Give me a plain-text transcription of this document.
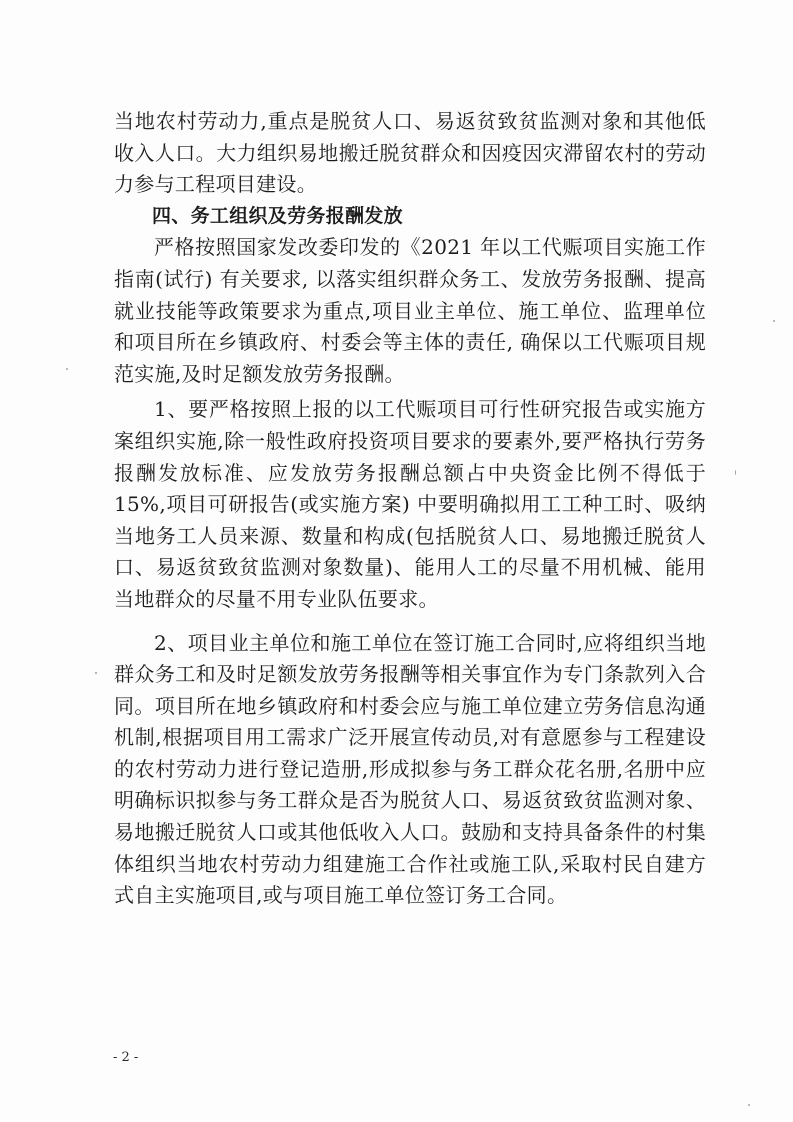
当地农村劳动力,重点是脱贫人口、易返贫致贫监测对象和其他低收入人口。大力组织易地搬迁脱贫群众和因疫因灾滞留农村的劳动力参与工程项目建设。

四、务工组织及劳务报酬发放

严格按照国家发改委印发的《2021 年以工代赈项目实施工作指南(试行) 有关要求, 以落实组织群众务工、发放劳务报酬、提高就业技能等政策要求为重点,项目业主单位、施工单位、监理单位和项目所在乡镇政府、村委会等主体的责任, 确保以工代赈项目规范实施,及时足额发放劳务报酬。

1、要严格按照上报的以工代赈项目可行性研究报告或实施方案组织实施,除一般性政府投资项目要求的要素外,要严格执行劳务报酬发放标准、应发放劳务报酬总额占中央资金比例不得低于 15%,项目可研报告(或实施方案) 中要明确拟用工工种工时、吸纳当地务工人员来源、数量和构成(包括脱贫人口、易地搬迁脱贫人口、易返贫致贫监测对象数量)、能用人工的尽量不用机械、能用当地群众的尽量不用专业队伍要求。

2、项目业主单位和施工单位在签订施工合同时,应将组织当地群众务工和及时足额发放劳务报酬等相关事宜作为专门条款列入合同。项目所在地乡镇政府和村委会应与施工单位建立劳务信息沟通机制,根据项目用工需求广泛开展宣传动员,对有意愿参与工程建设的农村劳动力进行登记造册,形成拟参与务工群众花名册,名册中应明确标识拟参与务工群众是否为脱贫人口、易返贫致贫监测对象、易地搬迁脱贫人口或其他低收入人口。鼓励和支持具备条件的村集体组织当地农村劳动力组建施工合作社或施工队,采取村民自建方式自主实施项目,或与项目施工单位签订务工合同。

- 2 -
